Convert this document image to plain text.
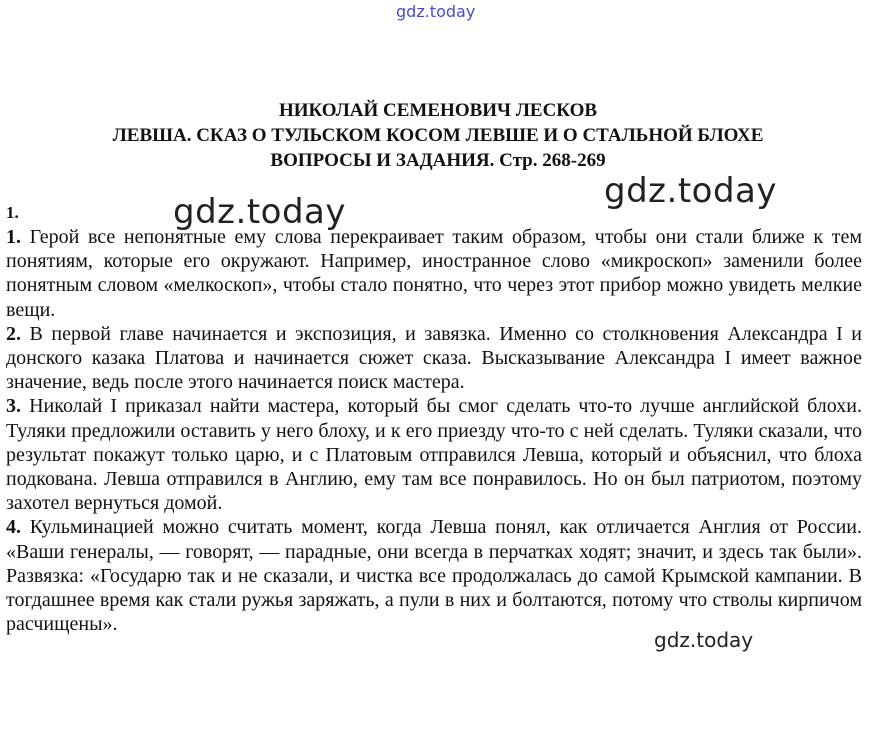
gdz.today
НИКОЛАЙ СЕМЕНОВИЧ ЛЕСКОВ
ЛЕВША. СКАЗ О ТУЛЬСКОМ КОСОМ ЛЕВШЕ И О СТАЛЬНОЙ БЛОХЕ
ВОПРОСЫ И ЗАДАНИЯ. Стр. 268-269
1.

1. Герой все непонятные ему слова перекраивает таким образом, чтобы они стали ближе к тем понятиям, которые его окружают. Например, иностранное слово «микроскоп» заменили более понятным словом «мелкоскоп», чтобы стало понятно, что через этот прибор можно увидеть мелкие вещи.

2. В первой главе начинается и экспозиция, и завязка. Именно со столкновения Александра I и донского казака Платова и начинается сюжет сказа. Высказывание Александра I имеет важное значение, ведь после этого начинается поиск мастера.

3. Николай I приказал найти мастера, который бы смог сделать что-то лучше английской блохи. Туляки предложили оставить у него блоху, и к его приезду что-то с ней сделать. Туляки сказали, что результат покажут только царю, и с Платовым отправился Левша, который и объяснил, что блоха подкована. Левша отправился в Англию, ему там все понравилось. Но он был патриотом, поэтому захотел вернуться домой.

4. Кульминацией можно считать момент, когда Левша понял, как отличается Англия от России. «Ваши генералы, — говорят, — парадные, они всегда в перчатках ходят; значит, и здесь так были». Развязка: «Государю так и не сказали, и чистка все продолжалась до самой Крымской кампании. В тогдашнее время как стали ружья заряжать, а пули в них и болтаются, потому что стволы кирпичом расчищены».

gdz.today
gdz.today
gdz.today
